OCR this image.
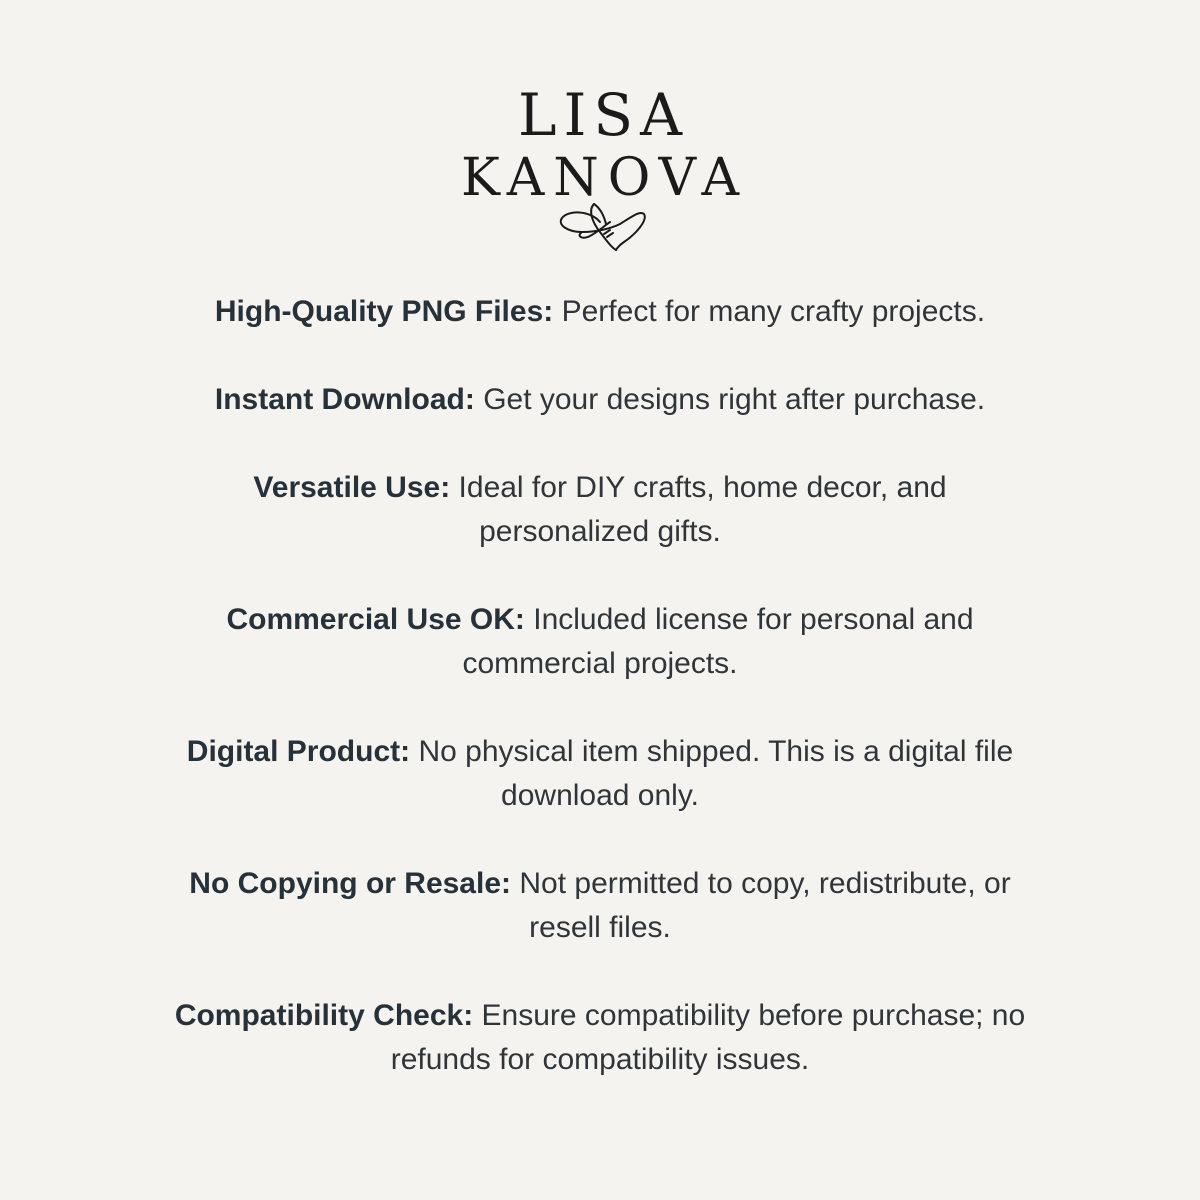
LISA
KANOVA
High-Quality PNG Files: Perfect for many crafty projects.
Instant Download: Get your designs right after purchase.
Versatile Use: Ideal for DIY crafts, home decor, and personalized gifts.
Commercial Use OK: Included license for personal and commercial projects.
Digital Product: No physical item shipped. This is a digital file download only.
No Copying or Resale: Not permitted to copy, redistribute, or resell files.
Compatibility Check: Ensure compatibility before purchase; no refunds for compatibility issues.
